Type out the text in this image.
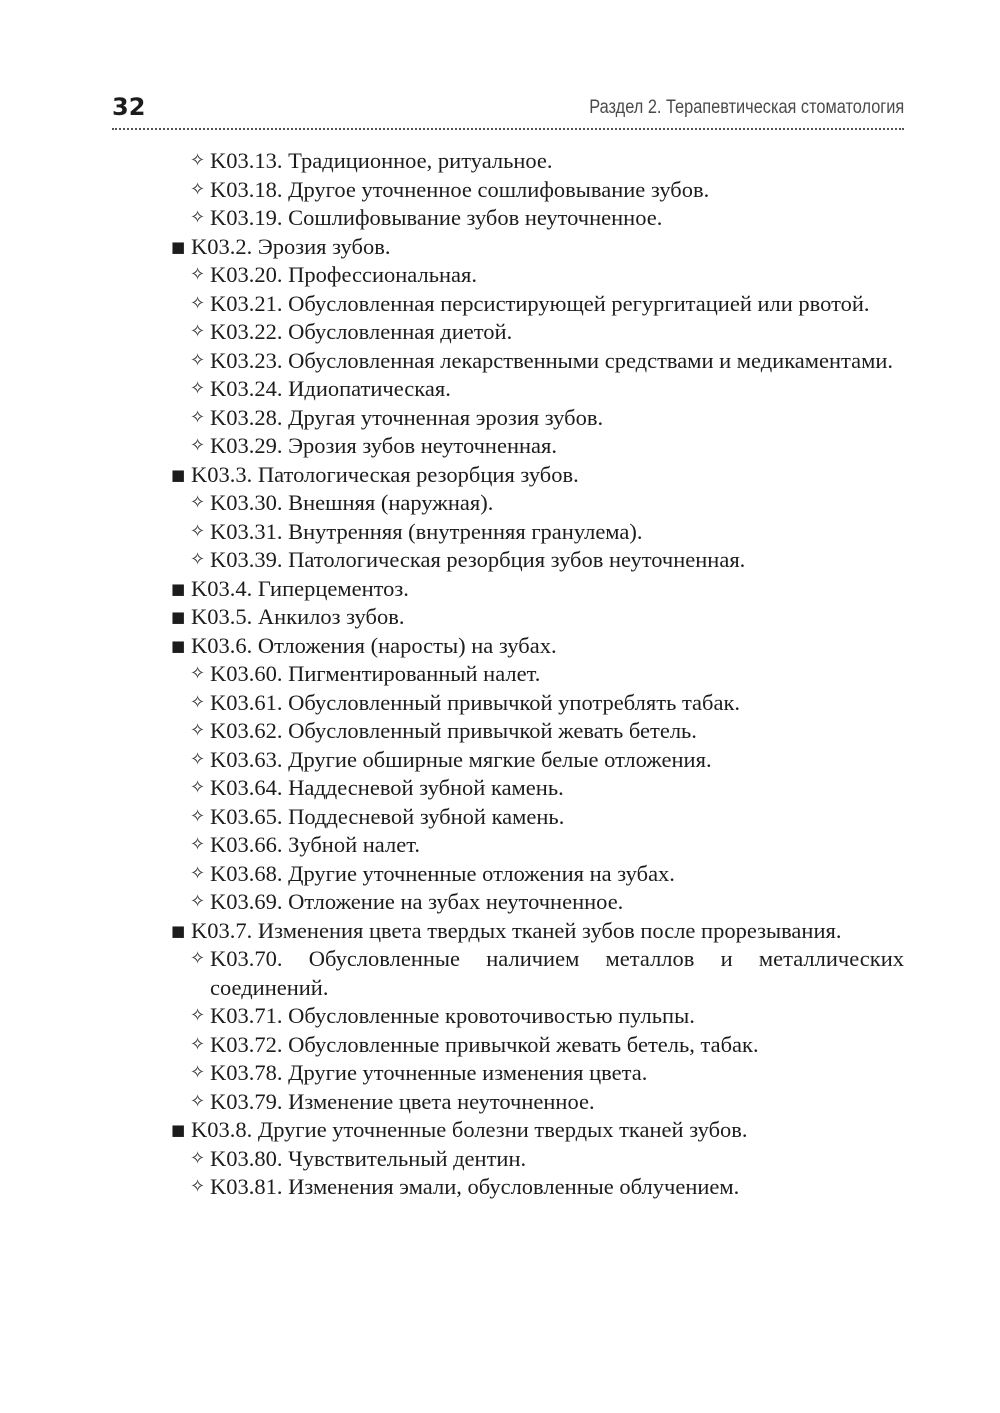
32	Раздел 2. Терапевтическая стоматология

✧ K03.13. Традиционное, ритуальное.

✧ K03.18. Другое уточненное сошлифовывание зубов.

✧ K03.19. Сошлифовывание зубов неуточненное.

■ K03.2. Эрозия зубов.

✧ K03.20. Профессиональная.

✧ K03.21. Обусловленная персистирующей регургитацией или рвотой.

✧ K03.22. Обусловленная диетой.

✧ K03.23. Обусловленная лекарственными средствами и медикаментами.

✧ K03.24. Идиопатическая.

✧ K03.28. Другая уточненная эрозия зубов.

✧ K03.29. Эрозия зубов неуточненная.

■ K03.3. Патологическая резорбция зубов.

✧ K03.30. Внешняя (наружная).

✧ K03.31. Внутренняя (внутренняя гранулема).

✧ K03.39. Патологическая резорбция зубов неуточненная.

■ K03.4. Гиперцементоз.

■ K03.5. Анкилоз зубов.

■ K03.6. Отложения (наросты) на зубах.

✧ K03.60. Пигментированный налет.

✧ K03.61. Обусловленный привычкой употреблять табак.

✧ K03.62. Обусловленный привычкой жевать бетель.

✧ K03.63. Другие обширные мягкие белые отложения.

✧ K03.64. Наддесневой зубной камень.

✧ K03.65. Поддесневой зубной камень.

✧ K03.66. Зубной налет.

✧ K03.68. Другие уточненные отложения на зубах.

✧ K03.69. Отложение на зубах неуточненное.

■ K03.7. Изменения цвета твердых тканей зубов после прорезывания.

✧ K03.70. Обусловленные наличием металлов и металлических соединений.

✧ K03.71. Обусловленные кровоточивостью пульпы.

✧ K03.72. Обусловленные привычкой жевать бетель, табак.

✧ K03.78. Другие уточненные изменения цвета.

✧ K03.79. Изменение цвета неуточненное.

■ K03.8. Другие уточненные болезни твердых тканей зубов.

✧ K03.80. Чувствительный дентин.

✧ K03.81. Изменения эмали, обусловленные облучением.
